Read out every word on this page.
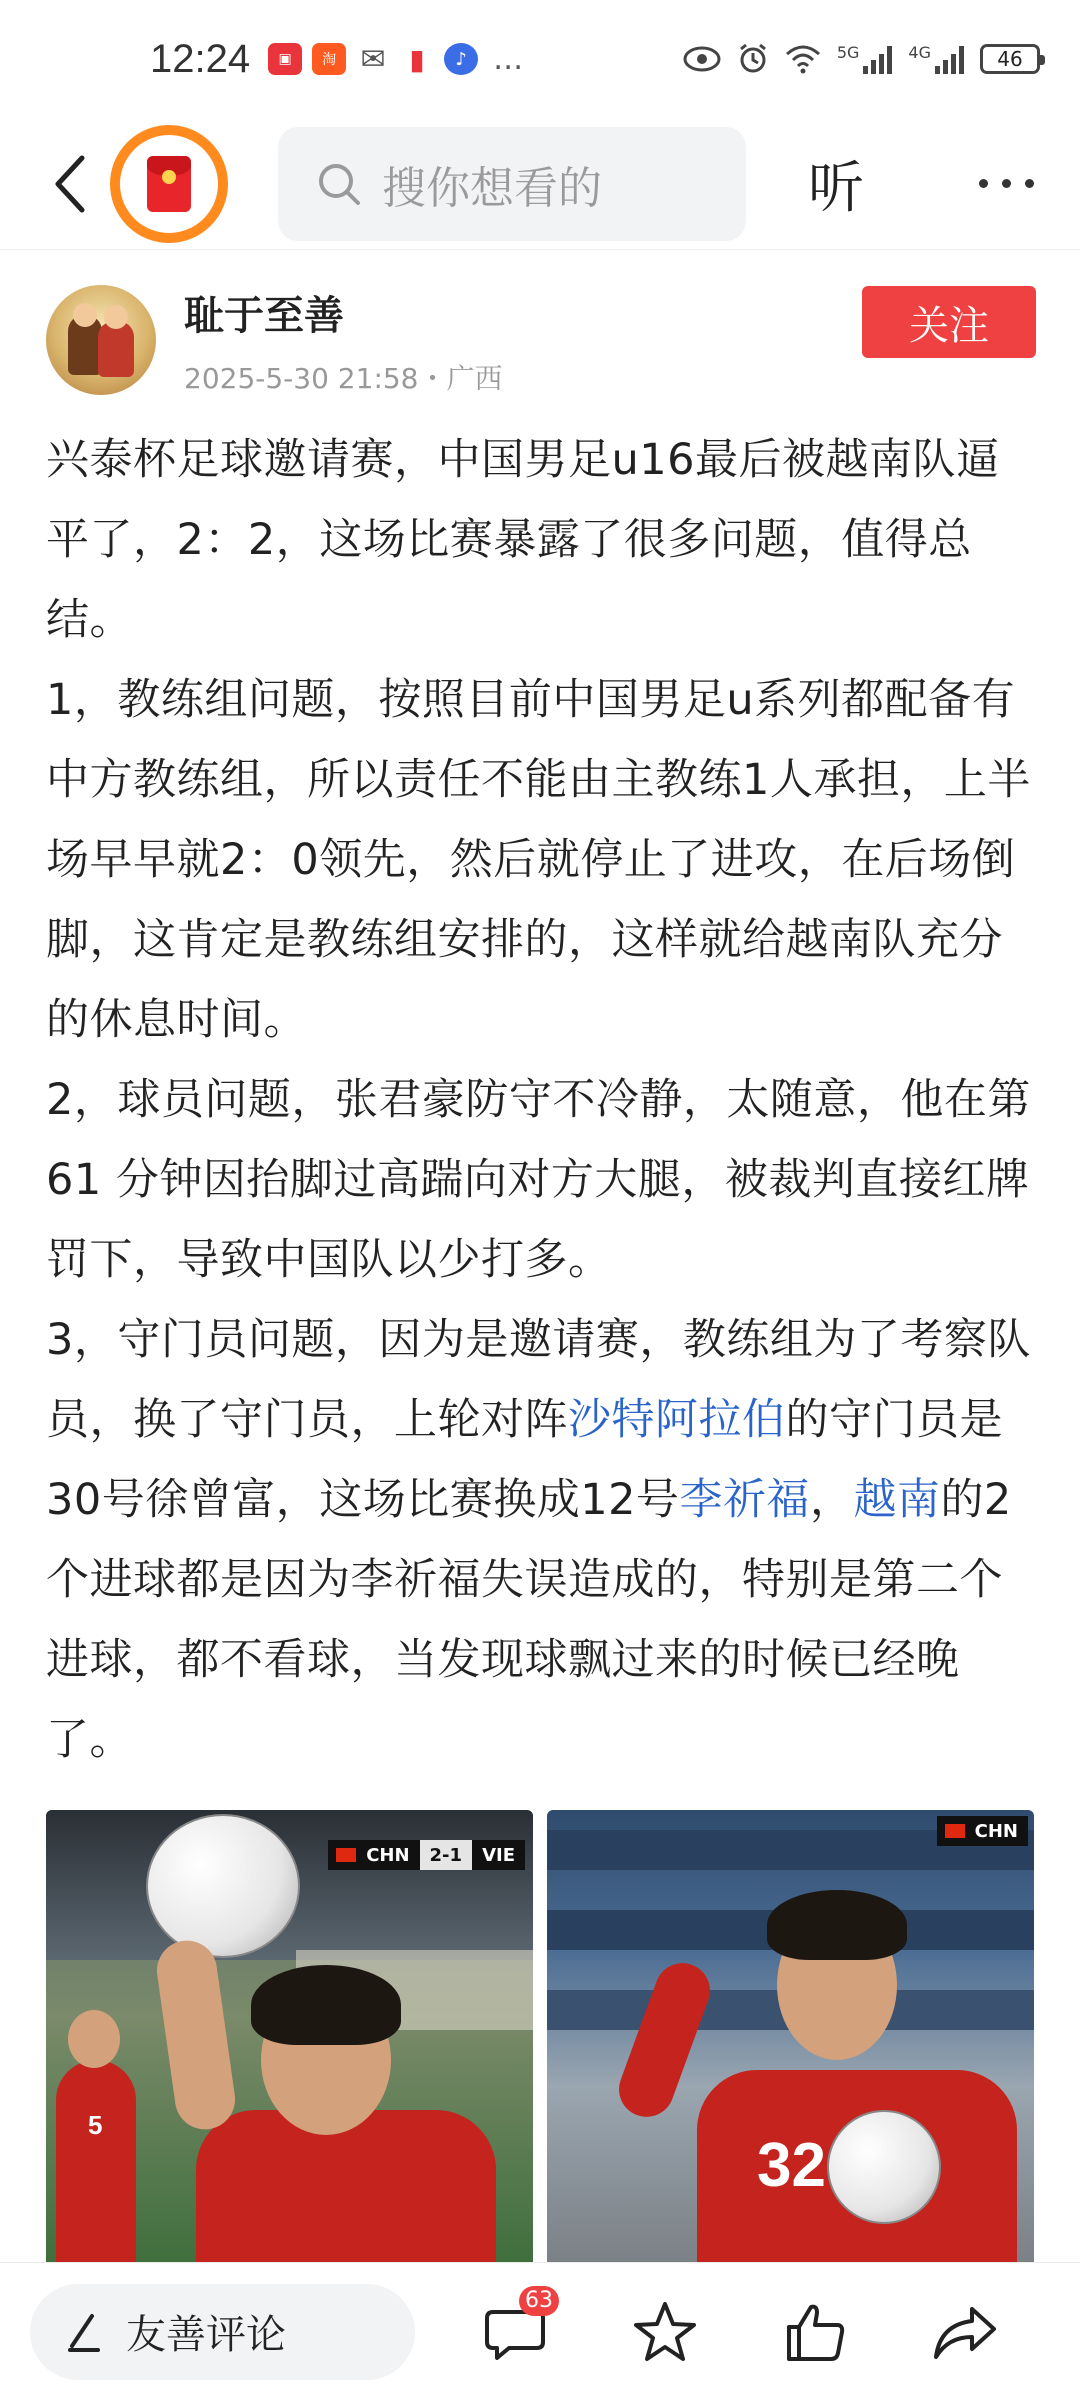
12:24	▣	淘 ✉ ▮	♪ …	5G	4G	46
搜你想看的	听
耻于至善
2025-5-30 21:58・广西
关注

兴泰杯足球邀请赛，中国男足u16最后被越南队逼平了，2：2，这场比赛暴露了很多问题，值得总结。

1，教练组问题，按照目前中国男足u系列都配备有中方教练组，所以责任不能由主教练1人承担，上半场早早就2：0领先，然后就停止了进攻，在后场倒脚，这肯定是教练组安排的，这样就给越南队充分的休息时间。

2，球员问题，张君豪防守不冷静，太随意，他在第 61 分钟因抬脚过高踹向对方大腿，被裁判直接红牌罚下，导致中国队以少打多。

3，守门员问题，因为是邀请赛，教练组为了考察队员，换了守门员，上轮对阵沙特阿拉伯的守门员是30号徐曾富，这场比赛换成12号李祈福，越南的2个进球都是因为李祈福失误造成的，特别是第二个进球，都不看球，当发现球飘过来的时候已经晚了。

CHN	2-1	VIE
5
CHN
32
友善评论
63
